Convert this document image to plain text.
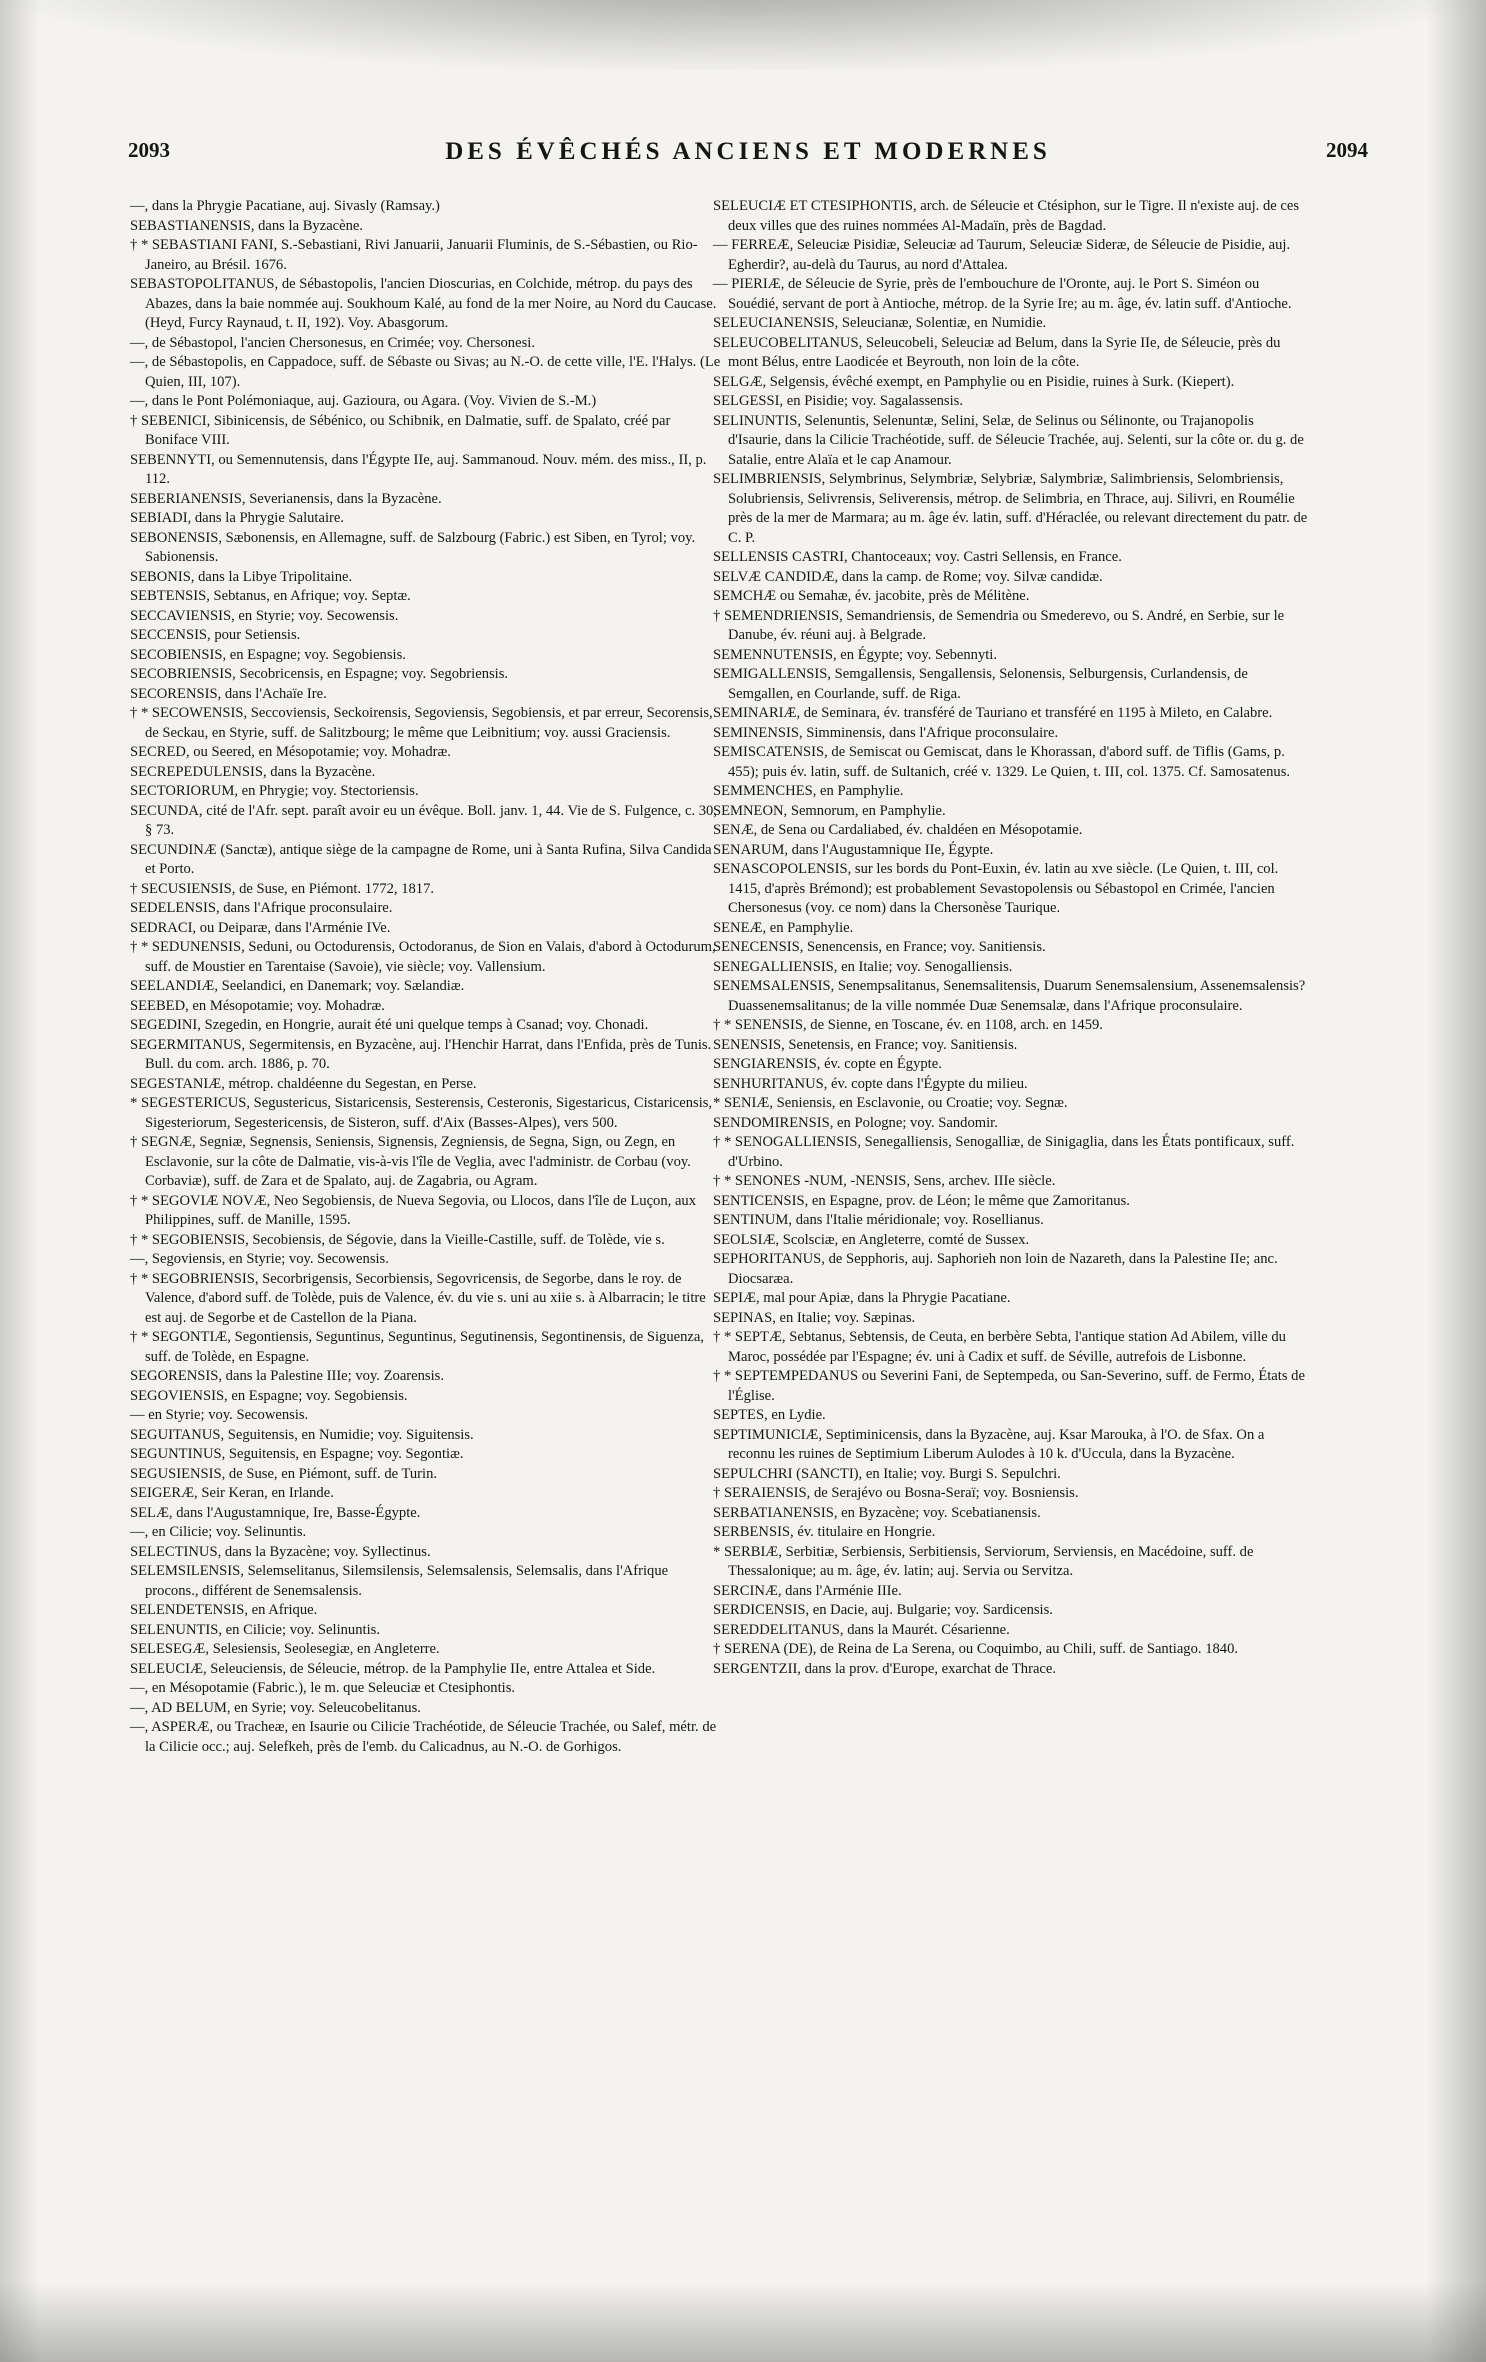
2093	DES ÉVÊCHÉS ANCIENS ET MODERNES	2094

—, dans la Phrygie Pacatiane, auj. Sivasly (Ramsay.)

SEBASTIANENSIS, dans la Byzacène.

† * SEBASTIANI FANI, S.-Sebastiani, Rivi Januarii, Januarii Fluminis, de S.-Sébastien, ou Rio-Janeiro, au Brésil. 1676.

SEBASTOPOLITANUS, de Sébastopolis, l'ancien Dioscurias, en Colchide, métrop. du pays des Abazes, dans la baie nommée auj. Soukhoum Kalé, au fond de la mer Noire, au Nord du Caucase. (Heyd, Furcy Raynaud, t. II, 192). Voy. Abasgorum.

—, de Sébastopol, l'ancien Chersonesus, en Crimée; voy. Chersonesi.

—, de Sébastopolis, en Cappadoce, suff. de Sébaste ou Sivas; au N.-O. de cette ville, l'E. l'Halys. (Le Quien, III, 107).

—, dans le Pont Polémoniaque, auj. Gazioura, ou Agara. (Voy. Vivien de S.-M.)

† SEBENICI, Sibinicensis, de Sébénico, ou Schibnik, en Dalmatie, suff. de Spalato, créé par Boniface VIII.

SEBENNYTI, ou Semennutensis, dans l'Égypte IIe, auj. Sammanoud. Nouv. mém. des miss., II, p. 112.

SEBERIANENSIS, Severianensis, dans la Byzacène.

SEBIADI, dans la Phrygie Salutaire.

SEBONENSIS, Sæbonensis, en Allemagne, suff. de Salzbourg (Fabric.) est Siben, en Tyrol; voy. Sabionensis.

SEBONIS, dans la Libye Tripolitaine.

SEBTENSIS, Sebtanus, en Afrique; voy. Septæ.

SECCAVIENSIS, en Styrie; voy. Secowensis.

SECCENSIS, pour Setiensis.

SECOBIENSIS, en Espagne; voy. Segobiensis.

SECOBRIENSIS, Secobricensis, en Espagne; voy. Segobriensis.

SECORENSIS, dans l'Achaïe Ire.

† * SECOWENSIS, Seccoviensis, Seckoirensis, Segoviensis, Segobiensis, et par erreur, Secorensis, de Seckau, en Styrie, suff. de Salitzbourg; le même que Leibnitium; voy. aussi Graciensis.

SECRED, ou Seered, en Mésopotamie; voy. Mohadræ.

SECREPEDULENSIS, dans la Byzacène.

SECTORIORUM, en Phrygie; voy. Stectoriensis.

SECUNDA, cité de l'Afr. sept. paraît avoir eu un évêque. Boll. janv. 1, 44. Vie de S. Fulgence, c. 30, § 73.

SECUNDINÆ (Sanctæ), antique siège de la campagne de Rome, uni à Santa Rufina, Silva Candida et Porto.

† SECUSIENSIS, de Suse, en Piémont. 1772, 1817.

SEDELENSIS, dans l'Afrique proconsulaire.

SEDRACI, ou Deiparæ, dans l'Arménie IVe.

† * SEDUNENSIS, Seduni, ou Octodurensis, Octodoranus, de Sion en Valais, d'abord à Octodurum, suff. de Moustier en Tarentaise (Savoie), vie siècle; voy. Vallensium.

SEELANDIÆ, Seelandici, en Danemark; voy. Sælandiæ.

SEEBED, en Mésopotamie; voy. Mohadræ.

SEGEDINI, Szegedin, en Hongrie, aurait été uni quelque temps à Csanad; voy. Chonadi.

SEGERMITANUS, Segermitensis, en Byzacène, auj. l'Henchir Harrat, dans l'Enfida, près de Tunis. Bull. du com. arch. 1886, p. 70.

SEGESTANIÆ, métrop. chaldéenne du Segestan, en Perse.

* SEGESTERICUS, Segustericus, Sistaricensis, Sesterensis, Cesteronis, Sigestaricus, Cistaricensis, Sigesteriorum, Segestericensis, de Sisteron, suff. d'Aix (Basses-Alpes), vers 500.

† SEGNÆ, Segniæ, Segnensis, Seniensis, Signensis, Zegniensis, de Segna, Sign, ou Zegn, en Esclavonie, sur la côte de Dalmatie, vis-à-vis l'île de Veglia, avec l'administr. de Corbau (voy. Corbaviæ), suff. de Zara et de Spalato, auj. de Zagabria, ou Agram.

† * SEGOVIÆ NOVÆ, Neo Segobiensis, de Nueva Segovia, ou Llocos, dans l'île de Luçon, aux Philippines, suff. de Manille, 1595.

† * SEGOBIENSIS, Secobiensis, de Ségovie, dans la Vieille-Castille, suff. de Tolède, vie s.

—, Segoviensis, en Styrie; voy. Secowensis.

† * SEGOBRIENSIS, Secorbrigensis, Secorbiensis, Segovricensis, de Segorbe, dans le roy. de Valence, d'abord suff. de Tolède, puis de Valence, év. du vie s. uni au xiie s. à Albarracin; le titre est auj. de Segorbe et de Castellon de la Piana.

† * SEGONTIÆ, Segontiensis, Seguntinus, Seguntinus, Segutinensis, Segontinensis, de Siguenza, suff. de Tolède, en Espagne.

SEGORENSIS, dans la Palestine IIIe; voy. Zoarensis.

SEGOVIENSIS, en Espagne; voy. Segobiensis.

— en Styrie; voy. Secowensis.

SEGUITANUS, Seguitensis, en Numidie; voy. Siguitensis.

SEGUNTINUS, Seguitensis, en Espagne; voy. Segontiæ.

SEGUSIENSIS, de Suse, en Piémont, suff. de Turin.

SEIGERÆ, Seir Keran, en Irlande.

SELÆ, dans l'Augustamnique, Ire, Basse-Égypte.

—, en Cilicie; voy. Selinuntis.

SELECTINUS, dans la Byzacène; voy. Syllectinus.

SELEMSILENSIS, Selemselitanus, Silemsilensis, Selemsalensis, Selemsalis, dans l'Afrique procons., différent de Senemsalensis.

SELENDETENSIS, en Afrique.

SELENUNTIS, en Cilicie; voy. Selinuntis.

SELESEGÆ, Selesiensis, Seolesegiæ, en Angleterre.

SELEUCIÆ, Seleuciensis, de Séleucie, métrop. de la Pamphylie IIe, entre Attalea et Side.

—, en Mésopotamie (Fabric.), le m. que Seleuciæ et Ctesiphontis.

—, AD BELUM, en Syrie; voy. Seleucobelitanus.

—, ASPERÆ, ou Tracheæ, en Isaurie ou Cilicie Trachéotide, de Séleucie Trachée, ou Salef, métr. de la Cilicie occ.; auj. Selefkeh, près de l'emb. du Calicadnus, au N.-O. de Gorhigos.

SELEUCIÆ ET CTESIPHONTIS, arch. de Séleucie et Ctésiphon, sur le Tigre. Il n'existe auj. de ces deux villes que des ruines nommées Al-Madaïn, près de Bagdad.

— FERREÆ, Seleuciæ Pisidiæ, Seleuciæ ad Taurum, Seleuciæ Sideræ, de Séleucie de Pisidie, auj. Egherdir?, au-delà du Taurus, au nord d'Attalea.

— PIERIÆ, de Séleucie de Syrie, près de l'embouchure de l'Oronte, auj. le Port S. Siméon ou Souédié, servant de port à Antioche, métrop. de la Syrie Ire; au m. âge, év. latin suff. d'Antioche.

SELEUCIANENSIS, Seleucianæ, Solentiæ, en Numidie.

SELEUCOBELITANUS, Seleucobeli, Seleuciæ ad Belum, dans la Syrie IIe, de Séleucie, près du mont Bélus, entre Laodicée et Beyrouth, non loin de la côte.

SELGÆ, Selgensis, évêché exempt, en Pamphylie ou en Pisidie, ruines à Surk. (Kiepert).

SELGESSI, en Pisidie; voy. Sagalassensis.

SELINUNTIS, Selenuntis, Selenuntæ, Selini, Selæ, de Selinus ou Sélinonte, ou Trajanopolis d'Isaurie, dans la Cilicie Trachéotide, suff. de Séleucie Trachée, auj. Selenti, sur la côte or. du g. de Satalie, entre Alaïa et le cap Anamour.

SELIMBRIENSIS, Selymbrinus, Selymbriæ, Selybriæ, Salymbriæ, Salimbriensis, Selombriensis, Solubriensis, Selivrensis, Seliverensis, métrop. de Selimbria, en Thrace, auj. Silivri, en Roumélie près de la mer de Marmara; au m. âge év. latin, suff. d'Héraclée, ou relevant directement du patr. de C. P.

SELLENSIS CASTRI, Chantoceaux; voy. Castri Sellensis, en France.

SELVÆ CANDIDÆ, dans la camp. de Rome; voy. Silvæ candidæ.

SEMCHÆ ou Semahæ, év. jacobite, près de Mélitène.

† SEMENDRIENSIS, Semandriensis, de Semendria ou Smederevo, ou S. André, en Serbie, sur le Danube, év. réuni auj. à Belgrade.

SEMENNUTENSIS, en Égypte; voy. Sebennyti.

SEMIGALLENSIS, Semgallensis, Sengallensis, Selonensis, Selburgensis, Curlandensis, de Semgallen, en Courlande, suff. de Riga.

SEMINARIÆ, de Seminara, év. transféré de Tauriano et transféré en 1195 à Mileto, en Calabre.

SEMINENSIS, Simminensis, dans l'Afrique proconsulaire.

SEMISCATENSIS, de Semiscat ou Gemiscat, dans le Khorassan, d'abord suff. de Tiflis (Gams, p. 455); puis év. latin, suff. de Sultanich, créé v. 1329. Le Quien, t. III, col. 1375. Cf. Samosatenus.

SEMMENCHES, en Pamphylie.

SEMNEON, Semnorum, en Pamphylie.

SENÆ, de Sena ou Cardaliabed, év. chaldéen en Mésopotamie.

SENARUM, dans l'Augustamnique IIe, Égypte.

SENASCOPOLENSIS, sur les bords du Pont-Euxin, év. latin au xve siècle. (Le Quien, t. III, col. 1415, d'après Brémond); est probablement Sevastopolensis ou Sébastopol en Crimée, l'ancien Chersonesus (voy. ce nom) dans la Chersonèse Taurique.

SENEÆ, en Pamphylie.

SENECENSIS, Senencensis, en France; voy. Sanitiensis.

SENEGALLIENSIS, en Italie; voy. Senogalliensis.

SENEMSALENSIS, Senempsalitanus, Senemsalitensis, Duarum Senemsalensium, Assenemsalensis? Duassenemsalitanus; de la ville nommée Duæ Senemsalæ, dans l'Afrique proconsulaire.

† * SENENSIS, de Sienne, en Toscane, év. en 1108, arch. en 1459.

SENENSIS, Senetensis, en France; voy. Sanitiensis.

SENGIARENSIS, év. copte en Égypte.

SENHURITANUS, év. copte dans l'Égypte du milieu.

* SENIÆ, Seniensis, en Esclavonie, ou Croatie; voy. Segnæ.

SENDOMIRENSIS, en Pologne; voy. Sandomir.

† * SENOGALLIENSIS, Senegalliensis, Senogalliæ, de Sinigaglia, dans les États pontificaux, suff. d'Urbino.

† * SENONES -NUM, -NENSIS, Sens, archev. IIIe siècle.

SENTICENSIS, en Espagne, prov. de Léon; le même que Zamoritanus.

SENTINUM, dans l'Italie méridionale; voy. Rosellianus.

SEOLSIÆ, Scolsciæ, en Angleterre, comté de Sussex.

SEPHORITANUS, de Sepphoris, auj. Saphorieh non loin de Nazareth, dans la Palestine IIe; anc. Diocsaræa.

SEPIÆ, mal pour Apiæ, dans la Phrygie Pacatiane.

SEPINAS, en Italie; voy. Sæpinas.

† * SEPTÆ, Sebtanus, Sebtensis, de Ceuta, en berbère Sebta, l'antique station Ad Abilem, ville du Maroc, possédée par l'Espagne; év. uni à Cadix et suff. de Séville, autrefois de Lisbonne.

† * SEPTEMPEDANUS ou Severini Fani, de Septempeda, ou San-Severino, suff. de Fermo, États de l'Église.

SEPTES, en Lydie.

SEPTIMUNICIÆ, Septiminicensis, dans la Byzacène, auj. Ksar Marouka, à l'O. de Sfax. On a reconnu les ruines de Septimium Liberum Aulodes à 10 k. d'Uccula, dans la Byzacène.

SEPULCHRI (SANCTI), en Italie; voy. Burgi S. Sepulchri.

† SERAIENSIS, de Serajévo ou Bosna-Seraï; voy. Bosniensis.

SERBATIANENSIS, en Byzacène; voy. Scebatianensis.

SERBENSIS, év. titulaire en Hongrie.

* SERBIÆ, Serbitiæ, Serbiensis, Serbitiensis, Serviorum, Serviensis, en Macédoine, suff. de Thessalonique; au m. âge, év. latin; auj. Servia ou Servitza.

SERCINÆ, dans l'Arménie IIIe.

SERDICENSIS, en Dacie, auj. Bulgarie; voy. Sardicensis.

SEREDDELITANUS, dans la Maurét. Césarienne.

† SERENA (DE), de Reina de La Serena, ou Coquimbo, au Chili, suff. de Santiago. 1840.

SERGENTZII, dans la prov. d'Europe, exarchat de Thrace.
